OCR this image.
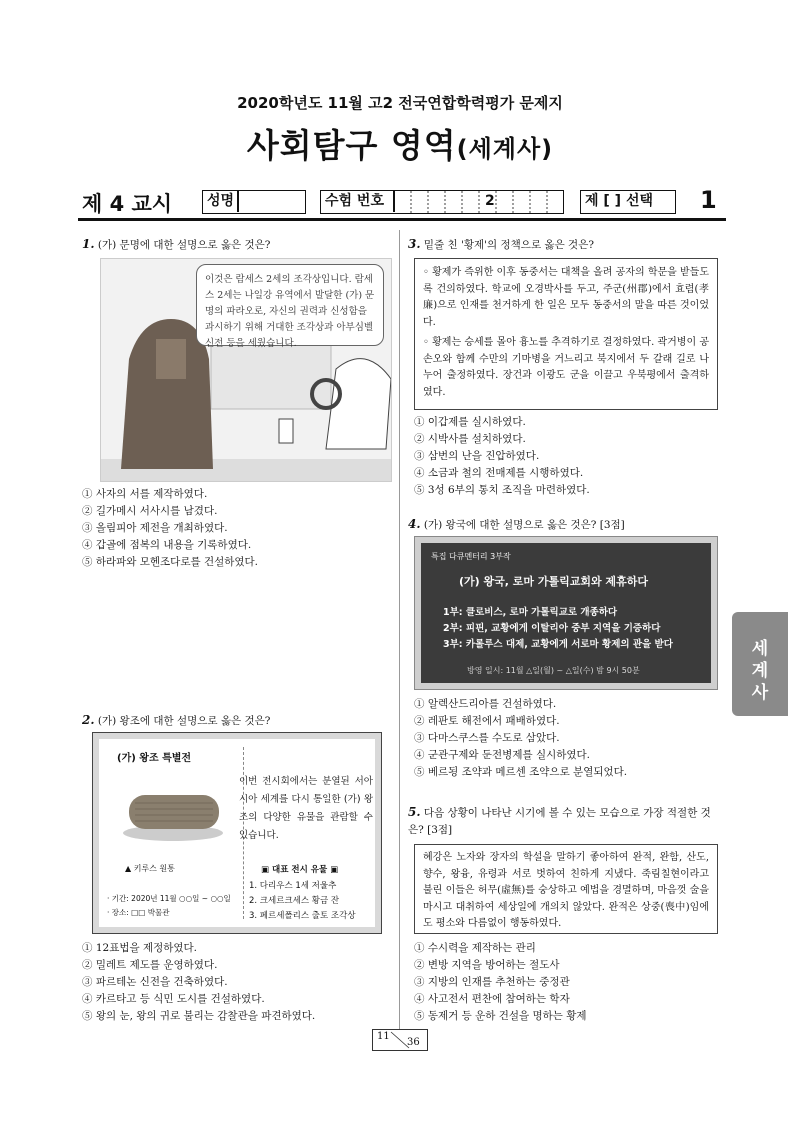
2020학년도 11월 고2 전국연합학력평가 문제지
사회탐구 영역(세계사)
제 4 교시	성명	수험 번호	2	제 [ ] 선택	1
세
계
사
1. (가) 문명에 대한 설명으로 옳은 것은?
이것은 람세스 2세의 조각상입니다. 람세스 2세는 나일강 유역에서 발달한 (가) 문명의 파라오로, 자신의 권력과 신성함을 과시하기 위해 거대한 조각상과 아부심벨 신전 등을 세웠습니다.
① 사자의 서를 제작하였다.
② 길가메시 서사시를 남겼다.
③ 올림피아 제전을 개최하였다.
④ 갑골에 점복의 내용을 기록하였다.
⑤ 하라파와 모헨조다로를 건설하였다.
2. (가) 왕조에 대한 설명으로 옳은 것은?
(가) 왕조 특별전
▲ 키루스 원통
· 기간: 2020년 11월 ○○일 ~ ○○일
· 장소: □□ 박물관
이번 전시회에서는 분열된 서아시아 세계를 다시 통일한 (가) 왕조의 다양한 유물을 관람할 수 있습니다.
▣ 대표 전시 유물 ▣
1. 다리우스 1세 저울추
2. 크세르크세스 황금 잔
3. 페르세폴리스 출토 조각상
① 12표법을 제정하였다.
② 밀레트 제도를 운영하였다.
③ 파르테논 신전을 건축하였다.
④ 카르타고 등 식민 도시를 건설하였다.
⑤ 왕의 눈, 왕의 귀로 불리는 감찰관을 파견하였다.
3. 밑줄 친 '황제'의 정책으로 옳은 것은?
◦ 황제가 즉위한 이후 동중서는 대책을 올려 공자의 학문을 받들도록 건의하였다. 학교에 오경박사를 두고, 주군(州郡)에서 효렴(孝廉)으로 인재를 천거하게 한 일은 모두 동중서의 말을 따른 것이었다.
◦ 황제는 승세를 몰아 흉노를 추격하기로 결정하였다. 곽거병이 공손오와 함께 수만의 기마병을 거느리고 북지에서 두 갈래 길로 나누어 출정하였다. 장건과 이광도 군을 이끌고 우북평에서 출격하였다.
① 이갑제를 실시하였다.
② 시박사를 설치하였다.
③ 삼번의 난을 진압하였다.
④ 소금과 철의 전매제를 시행하였다.
⑤ 3성 6부의 통치 조직을 마련하였다.
4. (가) 왕국에 대한 설명으로 옳은 것은? [3점]
특집 다큐멘터리 3부작
(가) 왕국, 로마 가톨릭교회와 제휴하다
1부: 클로비스, 로마 가톨릭교로 개종하다
2부: 피핀, 교황에게 이탈리아 중부 지역을 기증하다
3부: 카롤루스 대제, 교황에게 서로마 황제의 관을 받다
방영 일시: 11월 △일(월) ~ △일(수) 밤 9시 50분
① 알렉산드리아를 건설하였다.
② 레판토 해전에서 패배하였다.
③ 다마스쿠스를 수도로 삼았다.
④ 군관구제와 둔전병제를 실시하였다.
⑤ 베르됭 조약과 메르센 조약으로 분열되었다.
5. 다음 상황이 나타난 시기에 볼 수 있는 모습으로 가장 적절한 것은? [3점]
혜강은 노자와 장자의 학설을 말하기 좋아하여 완적, 완함, 산도, 향수, 왕융, 유령과 서로 벗하여 친하게 지냈다. 죽림칠현이라고 불린 이들은 허무(虛無)를 숭상하고 예법을 경멸하며, 마음껏 술을 마시고 대취하여 세상일에 개의치 않았다. 완적은 상중(喪中)임에도 평소와 다름없이 행동하였다.
① 수시력을 제작하는 관리
② 변방 지역을 방어하는 절도사
③ 지방의 인재를 추천하는 중정관
④ 사고전서 편찬에 참여하는 학자
⑤ 동제거 등 운하 건설을 명하는 황제
11
36
